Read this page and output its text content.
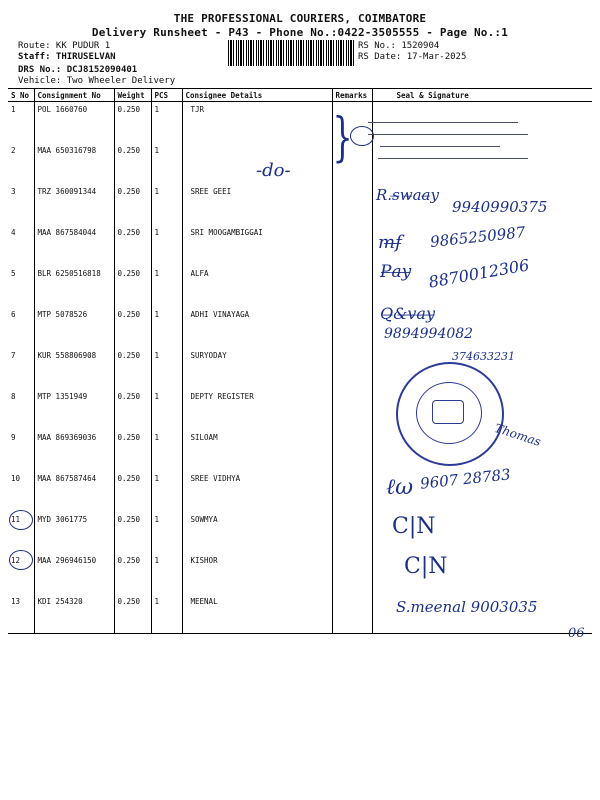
THE PROFESSIONAL COURIERS, COIMBATORE
Delivery Runsheet - P43 - Phone No.:0422-3505555 - Page No.:1
Route: KK PUDUR 1
Staff: THIRUSELVAN
DRS No.: DCJ8152090401
Vehicle: Two Wheeler Delivery
RS No.: 1520904
RS Date: 17-Mar-2025
S No	Consignment No	Weight	PCS	Consignee Details	Remarks	Seal & Signature
1	POL 1660760	0.250	1	TJR		
2	MAA 650316798	0.250	1			
3	TRZ 360091344	0.250	1	SREE GEEI		
4	MAA 867584044	0.250	1	SRI MOOGAMBIGGAI		
5	BLR 6250516818	0.250	1	ALFA		
6	MTP 5078526	0.250	1	ADHI VINAYAGA		
7	KUR 558806908	0.250	1	SURYODAY		
8	MTP 1351949	0.250	1	DEPTY REGISTER		
9	MAA 869369036	0.250	1	SILOAM		
10	MAA 867587464	0.250	1	SREE VIDHYA		
11	MYD 3061775	0.250	1	SOWMYA		
12	MAA 296946150	0.250	1	KISHOR		
13	KDI 254320	0.250	1	MEENAL		
}
-do-
R.s̶w̶aa̶y
9940990375
m̶f̶ 9865250987
P̶a̶y̶ 8870012306
Q̶&̶v̶a̶y̶
9894994082
374633231
Thomas
ℓω 9607 28783
C|N
C|N
S.meenal 9003035
06
